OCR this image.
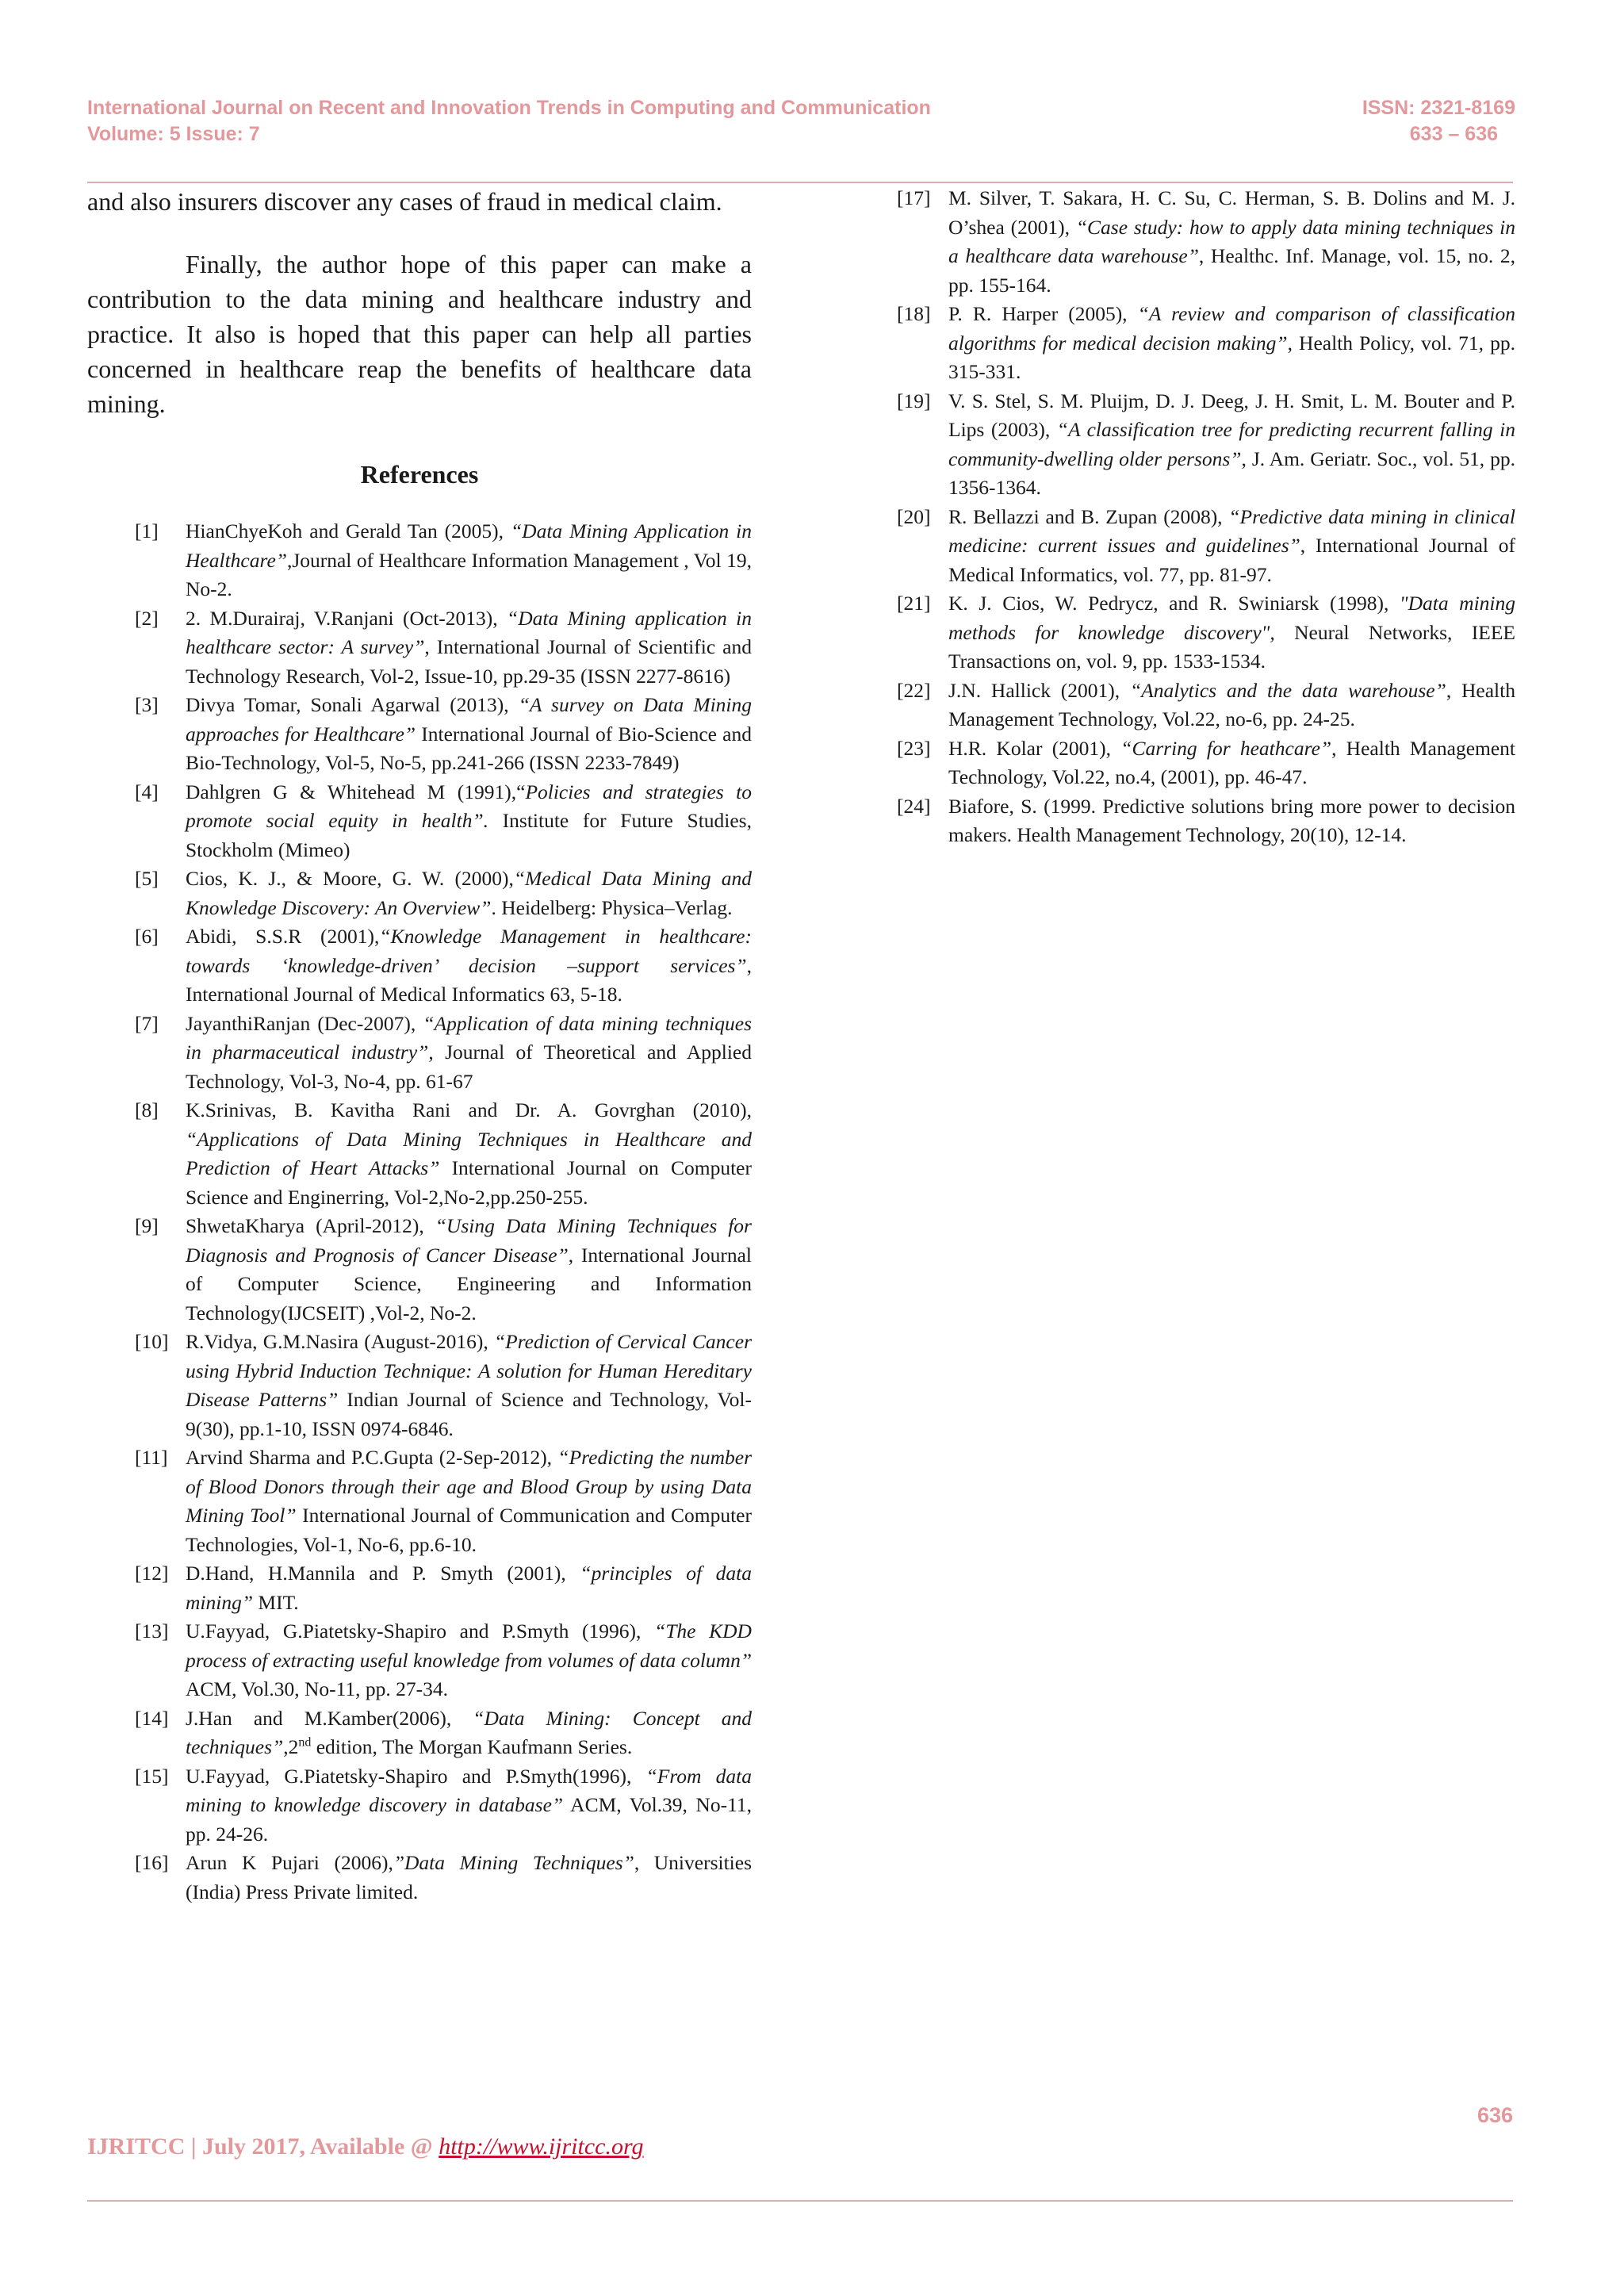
International Journal on Recent and Innovation Trends in Computing and Communication
Volume: 5 Issue: 7
ISSN: 2321-8169
633 – 636

and also insurers discover any cases of fraud in medical claim.

Finally, the author hope of this paper can make a contribution to the data mining and healthcare industry and practice. It also is hoped that this paper can help all parties concerned in healthcare reap the benefits of healthcare data mining.

References
[1] HianChyeKoh and Gerald Tan (2005), “Data Mining Application in Healthcare”,Journal of Healthcare Information Management , Vol 19, No-2.
[2] 2. M.Durairaj, V.Ranjani (Oct-2013), “Data Mining application in healthcare sector: A survey”, International Journal of Scientific and Technology Research, Vol-2, Issue-10, pp.29-35 (ISSN 2277-8616)
[3] Divya Tomar, Sonali Agarwal (2013), “A survey on Data Mining approaches for Healthcare” International Journal of Bio-Science and Bio-Technology, Vol-5, No-5, pp.241-266 (ISSN 2233-7849)
[4] Dahlgren G & Whitehead M (1991),“Policies and strategies to promote social equity in health”. Institute for Future Studies, Stockholm (Mimeo)
[5] Cios, K. J., & Moore, G. W. (2000),“Medical Data Mining and Knowledge Discovery: An Overview”. Heidelberg: Physica–Verlag.
[6] Abidi, S.S.R (2001),“Knowledge Management in healthcare: towards ‘knowledge-driven’ decision –support services”, International Journal of Medical Informatics 63, 5-18.
[7] JayanthiRanjan (Dec-2007), “Application of data mining techniques in pharmaceutical industry”, Journal of Theoretical and Applied Technology, Vol-3, No-4, pp. 61-67
[8] K.Srinivas, B. Kavitha Rani and Dr. A. Govrghan (2010), “Applications of Data Mining Techniques in Healthcare and Prediction of Heart Attacks” International Journal on Computer Science and Enginerring, Vol-2,No-2,pp.250-255.
[9] ShwetaKharya (April-2012), “Using Data Mining Techniques for Diagnosis and Prognosis of Cancer Disease”, International Journal of Computer Science, Engineering and Information Technology(IJCSEIT) ,Vol-2, No-2.
[10] R.Vidya, G.M.Nasira (August-2016), “Prediction of Cervical Cancer using Hybrid Induction Technique: A solution for Human Hereditary Disease Patterns” Indian Journal of Science and Technology, Vol-9(30), pp.1-10, ISSN 0974-6846.
[11] Arvind Sharma and P.C.Gupta (2-Sep-2012), “Predicting the number of Blood Donors through their age and Blood Group by using Data Mining Tool” International Journal of Communication and Computer Technologies, Vol-1, No-6, pp.6-10.
[12] D.Hand, H.Mannila and P. Smyth (2001), “principles of data mining” MIT.
[13] U.Fayyad, G.Piatetsky-Shapiro and P.Smyth (1996), “The KDD process of extracting useful knowledge from volumes of data column” ACM, Vol.30, No-11, pp. 27-34.
[14] J.Han and M.Kamber(2006), “Data Mining: Concept and techniques”,2nd edition, The Morgan Kaufmann Series.
[15] U.Fayyad, G.Piatetsky-Shapiro and P.Smyth(1996), “From data mining to knowledge discovery in database” ACM, Vol.39, No-11, pp. 24-26.
[16] Arun K Pujari (2006),”Data Mining Techniques”, Universities (India) Press Private limited.
[17] M. Silver, T. Sakara, H. C. Su, C. Herman, S. B. Dolins and M. J. O’shea (2001), “Case study: how to apply data mining techniques in a healthcare data warehouse”, Healthc. Inf. Manage, vol. 15, no. 2, pp. 155-164.
[18] P. R. Harper (2005), “A review and comparison of classification algorithms for medical decision making”, Health Policy, vol. 71, pp. 315-331.
[19] V. S. Stel, S. M. Pluijm, D. J. Deeg, J. H. Smit, L. M. Bouter and P. Lips (2003), “A classification tree for predicting recurrent falling in community-dwelling older persons”, J. Am. Geriatr. Soc., vol. 51, pp. 1356-1364.
[20] R. Bellazzi and B. Zupan (2008), “Predictive data mining in clinical medicine: current issues and guidelines”, International Journal of Medical Informatics, vol. 77, pp. 81-97.
[21] K. J. Cios, W. Pedrycz, and R. Swiniarsk (1998), "Data mining methods for knowledge discovery", Neural Networks, IEEE Transactions on, vol. 9, pp. 1533-1534.
[22] J.N. Hallick (2001), “Analytics and the data warehouse”, Health Management Technology, Vol.22, no-6, pp. 24-25.
[23] H.R. Kolar (2001), “Carring for heathcare”, Health Management Technology, Vol.22, no.4, (2001), pp. 46-47.
[24] Biafore, S. (1999. Predictive solutions bring more power to decision makers. Health Management Technology, 20(10), 12-14.
636
IJRITCC | July 2017, Available @ http://www.ijritcc.org
